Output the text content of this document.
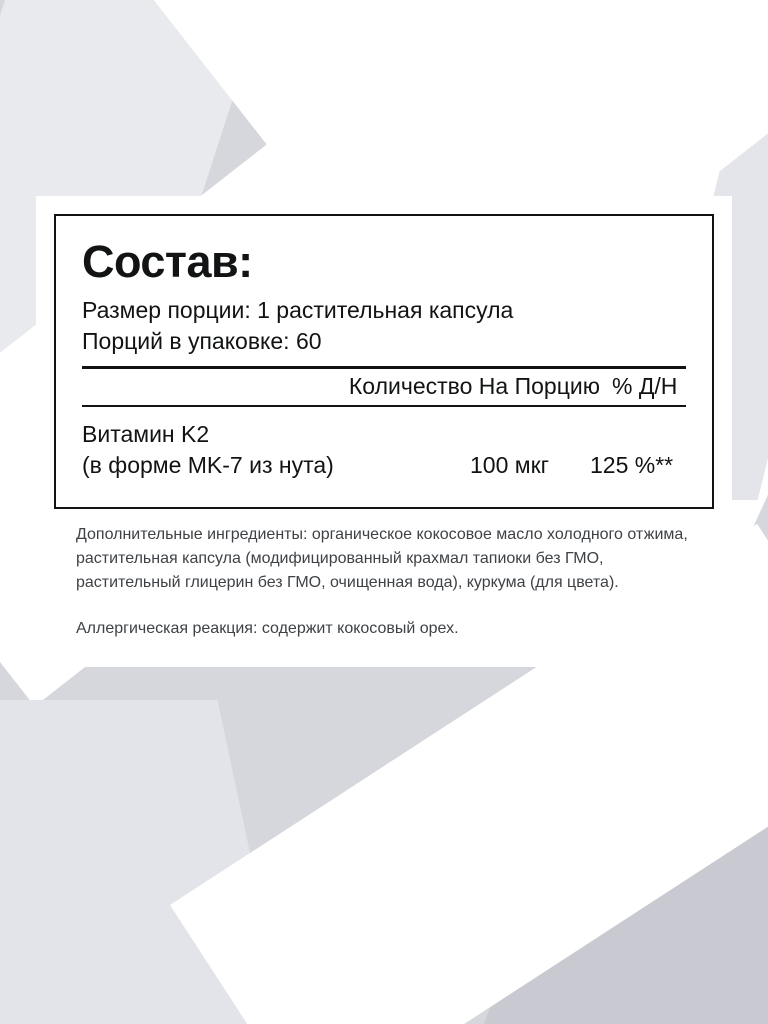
Состав:
Размер порции: 1 растительная капсула
Порций в упаковке: 60
Количество На Порцию % Д/Н
Витамин K2
(в форме MK-7 из нута)	100 мкг	125 %**

Дополнительные ингредиенты: органическое кокосовое масло холодного отжима, растительная капсула (модифицированный крахмал тапиоки без ГМО, растительный глицерин без ГМО, очищенная вода), куркума (для цвета).

Аллергическая реакция: содержит кокосовый орех.
